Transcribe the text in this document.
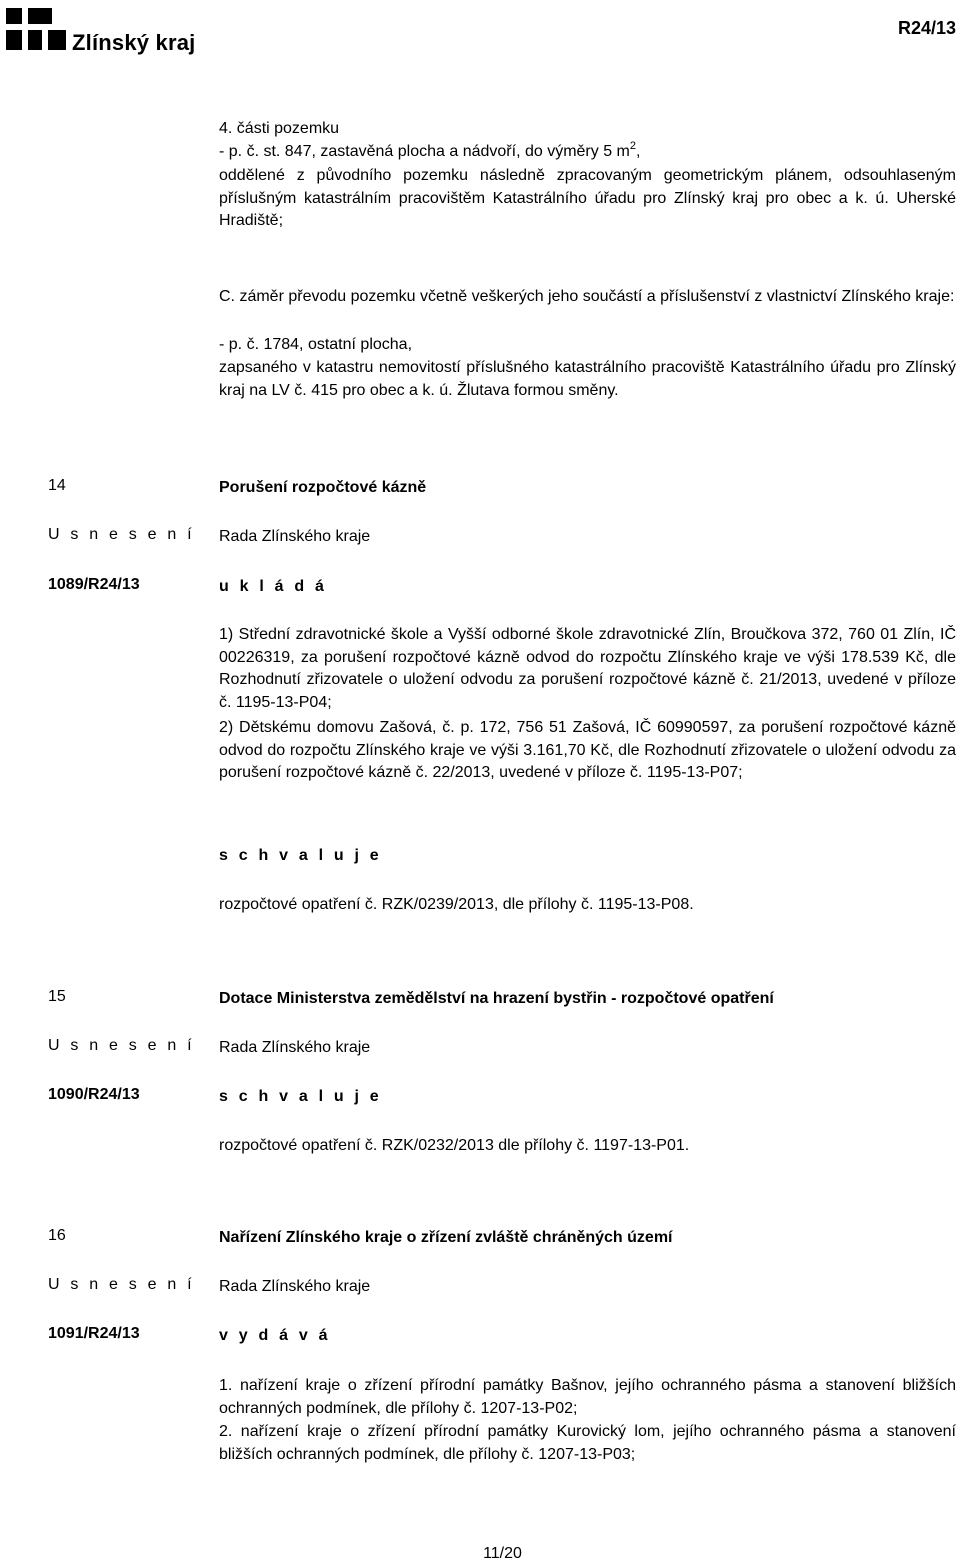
Zlínský kraj
R24/13
4. části pozemku
- p. č. st. 847, zastavěná plocha a nádvoří, do výměry 5 $m^2$,
oddělené z původního pozemku následně zpracovaným geometrickým plánem, odsouhlaseným příslušným katastrálním pracovištěm Katastrálního úřadu pro Zlínský kraj pro obec a k. ú. Uherské Hradiště;
C. záměr převodu pozemku včetně veškerých jeho součástí a příslušenství z vlastnictví Zlínského kraje:
- p. č. 1784, ostatní plocha,
zapsaného v katastru nemovitostí příslušného katastrálního pracoviště Katastrálního úřadu pro Zlínský kraj na LV č. 415 pro obec a k. ú. Žlutava formou směny.
14	Porušení rozpočtové kázně
U s n e s e n í Rada Zlínského kraje
1089/R24/13	u k l á d á
1) Střední zdravotnické škole a Vyšší odborné škole zdravotnické Zlín, Broučkova 372, 760 01 Zlín, IČ 00226319, za porušení rozpočtové kázně odvod do rozpočtu Zlínského kraje ve výši 178.539 Kč, dle Rozhodnutí zřizovatele o uložení odvodu za porušení rozpočtové kázně č. 21/2013, uvedené v příloze č. 1195-13-P04;
2) Dětskému domovu Zašová, č. p. 172, 756 51 Zašová, IČ 60990597, za porušení rozpočtové kázně odvod do rozpočtu Zlínského kraje ve výši 3.161,70 Kč, dle Rozhodnutí zřizovatele o uložení odvodu za porušení rozpočtové kázně č. 22/2013, uvedené v příloze č. 1195-13-P07;
s c h v a l u j e
rozpočtové opatření č. RZK/0239/2013, dle přílohy č. 1195-13-P08.
15	Dotace Ministerstva zemědělství na hrazení bystřin - rozpočtové opatření
U s n e s e n í Rada Zlínského kraje
1090/R24/13	s c h v a l u j e
rozpočtové opatření č. RZK/0232/2013 dle přílohy č. 1197-13-P01.
16	Nařízení Zlínského kraje o zřízení zvláště chráněných území
U s n e s e n í Rada Zlínského kraje
1091/R24/13	v y d á v á
1. nařízení kraje o zřízení přírodní památky Bašnov, jejího ochranného pásma a stanovení bližších ochranných podmínek, dle přílohy č. 1207-13-P02;
2. nařízení kraje o zřízení přírodní památky Kurovický lom, jejího ochranného pásma a stanovení bližších ochranných podmínek, dle přílohy č. 1207-13-P03;
11/20
